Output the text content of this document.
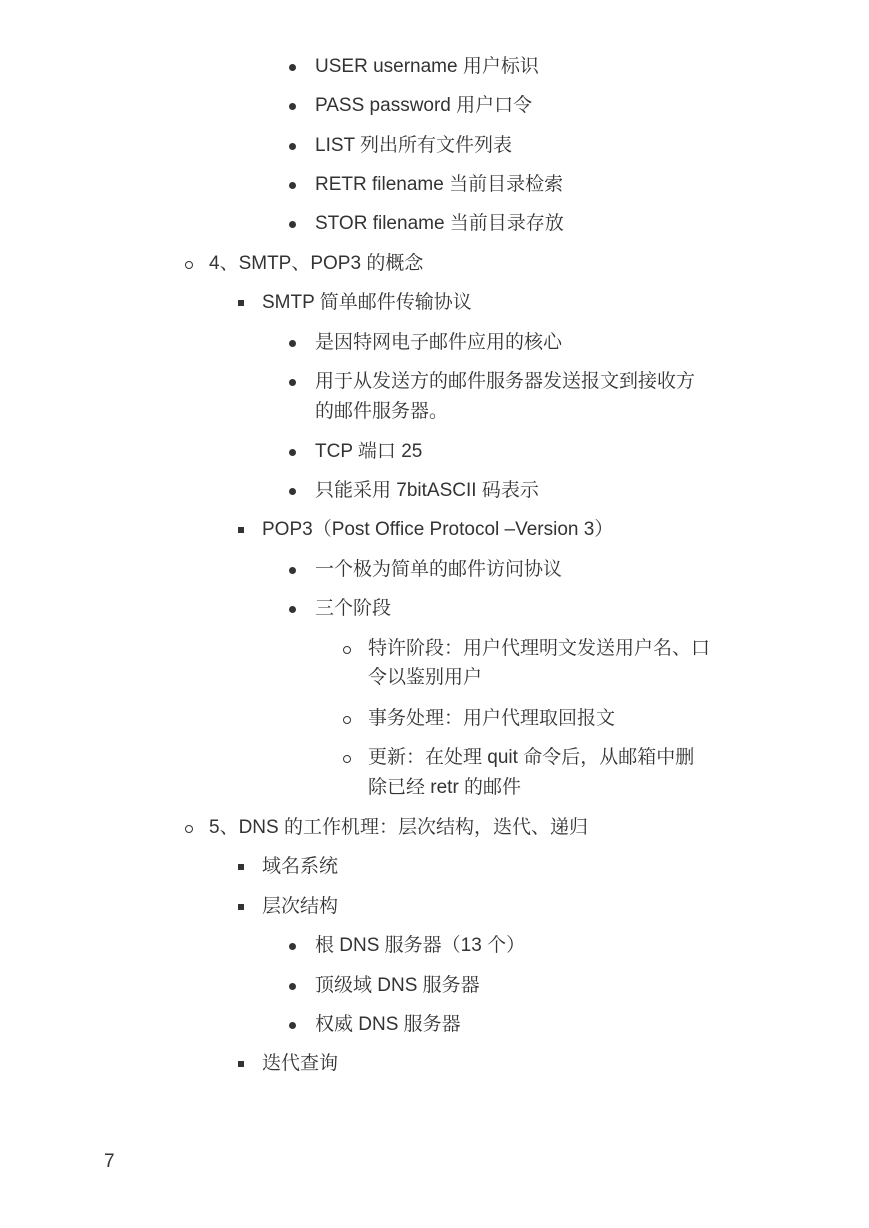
USER username 用户标识
PASS password 用户口令
LIST 列出所有文件列表
RETR filename 当前目录检索
STOR filename 当前目录存放
4、SMTP、POP3 的概念
SMTP 简单邮件传输协议
是因特网电子邮件应用的核心
用于从发送方的邮件服务器发送报文到接收方
的邮件服务器。
TCP 端口 25
只能采用 7bitASCII 码表示
POP3（Post Office Protocol –Version 3）
一个极为简单的邮件访问协议
三个阶段
特许阶段：用户代理明文发送用户名、口
令以鉴别用户
事务处理：用户代理取回报文
更新：在处理 quit 命令后，从邮箱中删
除已经 retr 的邮件
5、DNS 的工作机理：层次结构，迭代、递归
域名系统
层次结构
根 DNS 服务器（13 个）
顶级域 DNS 服务器
权威 DNS 服务器
迭代查询
7
